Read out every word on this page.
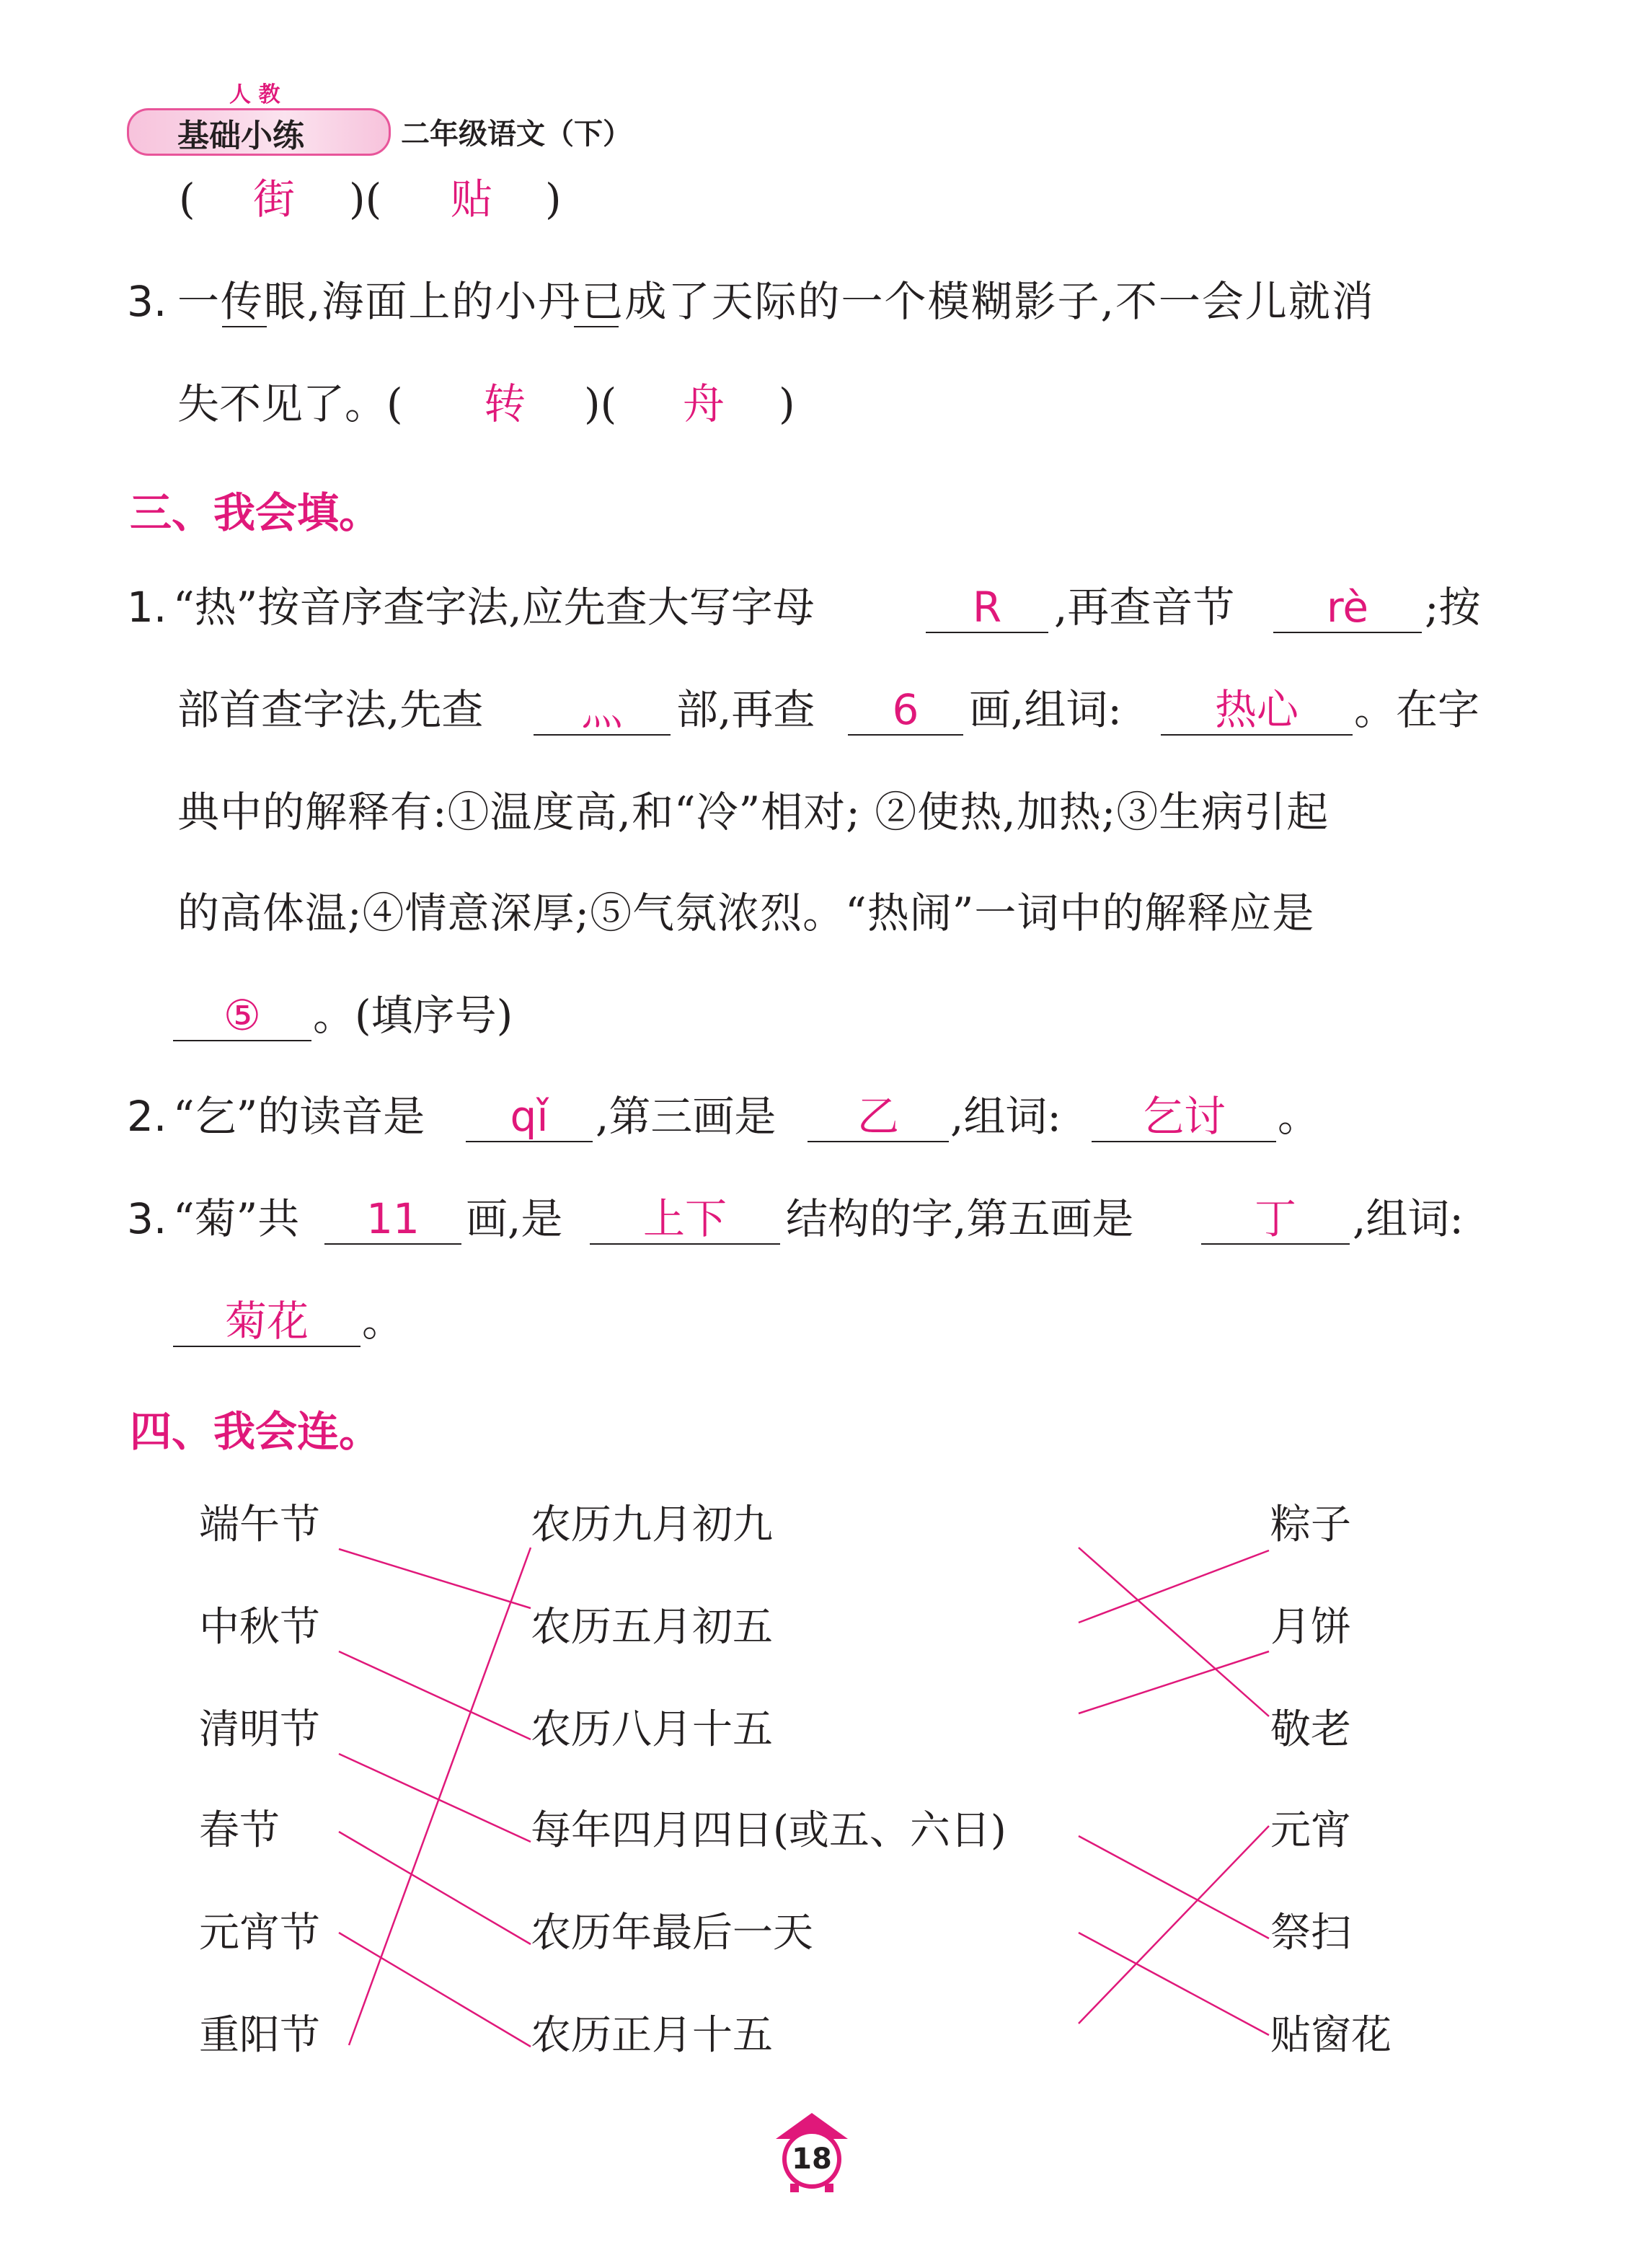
人 教
基础小练	二年级语文（下）
(	街	)(	贴	)
3. 一传眼,海面上的小丹已成了天际的一个模糊影子,不一会儿就消
失不见了。(	转	)(	舟	)
三、我会填。
1. “热”按音序查字法,应先查大写字母	R	,再查音节	rè	;按
部首查字法,先查	灬	部,再查	6	画,组词:	热心	。在字
典中的解释有:①温度高,和“冷”相对; ②使热,加热;③生病引起
的高体温;④情意深厚;⑤气氛浓烈。“热闹”一词中的解释应是
⑤	。(填序号)
2. “乞”的读音是	qǐ	,第三画是	乙	,组词:	乞讨	。
3. “菊”共	11	画,是	上下	结构的字,第五画是	丁	,组词:
菊花	。
四、我会连。
端午节
中秋节
清明节
春节
元宵节
重阳节
农历九月初九
农历五月初五
农历八月十五
每年四月四日(或五、六日)
农历年最后一天
农历正月十五
粽子
月饼
敬老
元宵
祭扫
贴窗花
18
